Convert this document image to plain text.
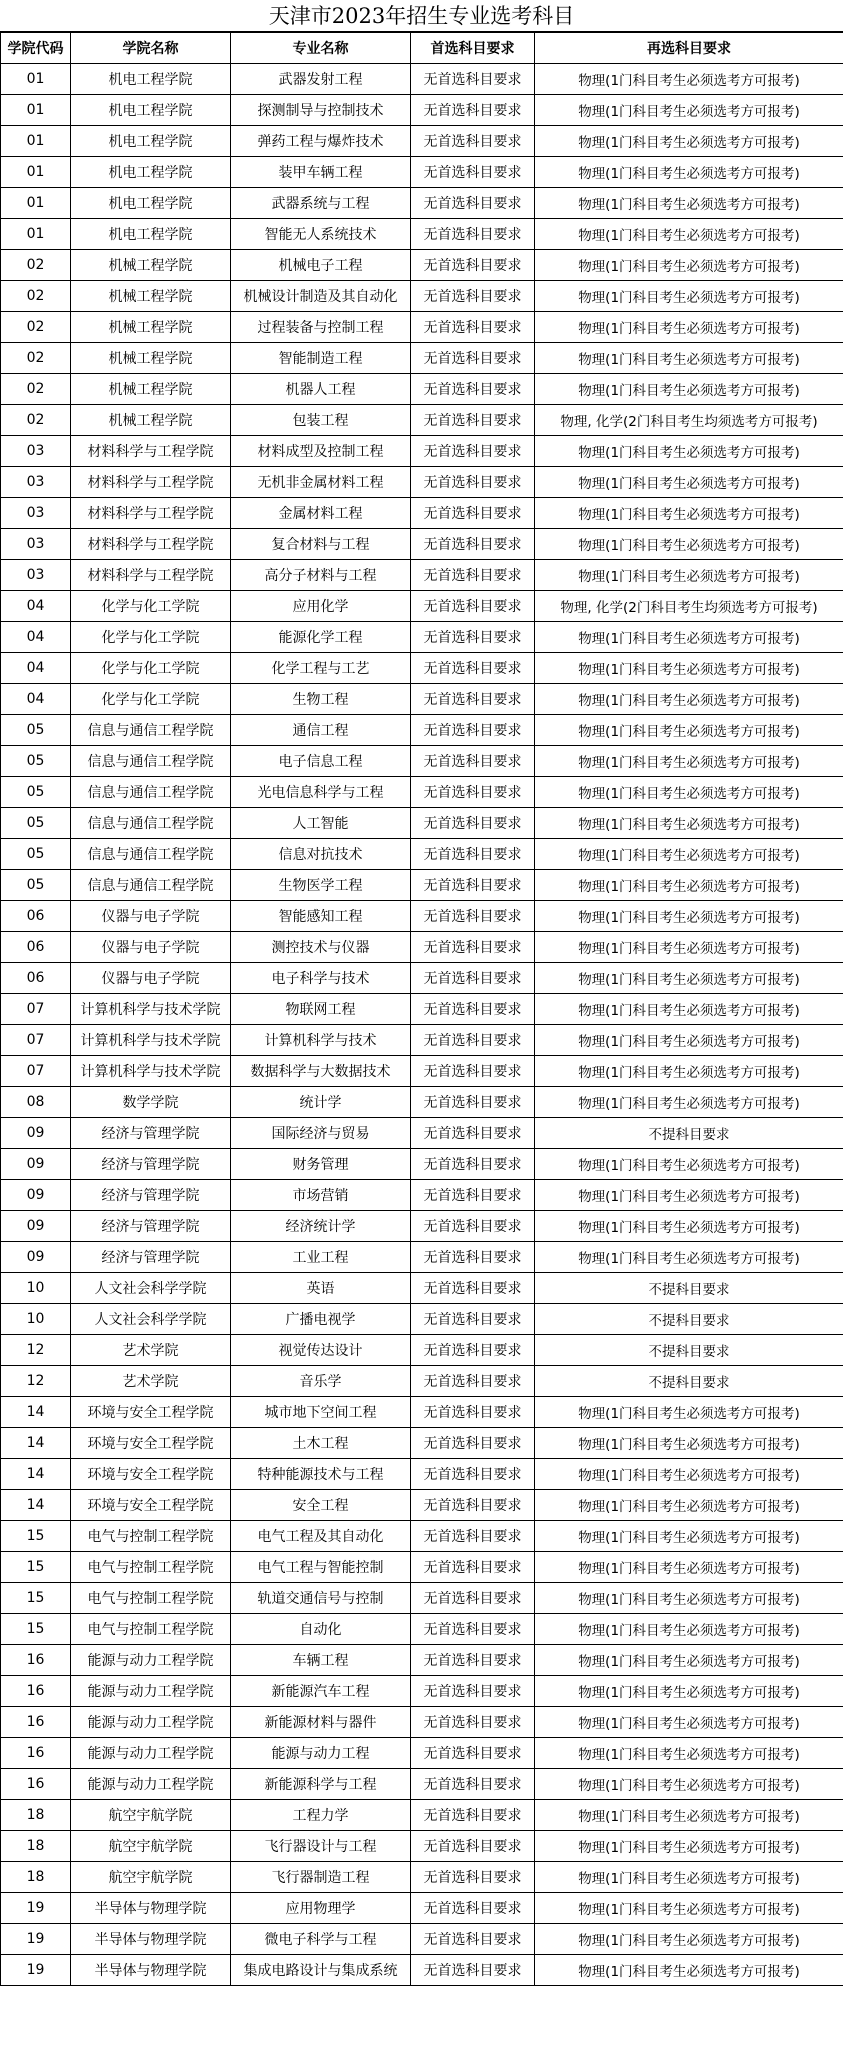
天津市2023年招生专业选考科目
学院代码	学院名称	专业名称	首选科目要求	再选科目要求
01	机电工程学院	武器发射工程	无首选科目要求	物理(1门科目考生必须选考方可报考)
01	机电工程学院	探测制导与控制技术	无首选科目要求	物理(1门科目考生必须选考方可报考)
01	机电工程学院	弹药工程与爆炸技术	无首选科目要求	物理(1门科目考生必须选考方可报考)
01	机电工程学院	装甲车辆工程	无首选科目要求	物理(1门科目考生必须选考方可报考)
01	机电工程学院	武器系统与工程	无首选科目要求	物理(1门科目考生必须选考方可报考)
01	机电工程学院	智能无人系统技术	无首选科目要求	物理(1门科目考生必须选考方可报考)
02	机械工程学院	机械电子工程	无首选科目要求	物理(1门科目考生必须选考方可报考)
02	机械工程学院	机械设计制造及其自动化	无首选科目要求	物理(1门科目考生必须选考方可报考)
02	机械工程学院	过程装备与控制工程	无首选科目要求	物理(1门科目考生必须选考方可报考)
02	机械工程学院	智能制造工程	无首选科目要求	物理(1门科目考生必须选考方可报考)
02	机械工程学院	机器人工程	无首选科目要求	物理(1门科目考生必须选考方可报考)
02	机械工程学院	包装工程	无首选科目要求	物理, 化学(2门科目考生均须选考方可报考)
03	材料科学与工程学院	材料成型及控制工程	无首选科目要求	物理(1门科目考生必须选考方可报考)
03	材料科学与工程学院	无机非金属材料工程	无首选科目要求	物理(1门科目考生必须选考方可报考)
03	材料科学与工程学院	金属材料工程	无首选科目要求	物理(1门科目考生必须选考方可报考)
03	材料科学与工程学院	复合材料与工程	无首选科目要求	物理(1门科目考生必须选考方可报考)
03	材料科学与工程学院	高分子材料与工程	无首选科目要求	物理(1门科目考生必须选考方可报考)
04	化学与化工学院	应用化学	无首选科目要求	物理, 化学(2门科目考生均须选考方可报考)
04	化学与化工学院	能源化学工程	无首选科目要求	物理(1门科目考生必须选考方可报考)
04	化学与化工学院	化学工程与工艺	无首选科目要求	物理(1门科目考生必须选考方可报考)
04	化学与化工学院	生物工程	无首选科目要求	物理(1门科目考生必须选考方可报考)
05	信息与通信工程学院	通信工程	无首选科目要求	物理(1门科目考生必须选考方可报考)
05	信息与通信工程学院	电子信息工程	无首选科目要求	物理(1门科目考生必须选考方可报考)
05	信息与通信工程学院	光电信息科学与工程	无首选科目要求	物理(1门科目考生必须选考方可报考)
05	信息与通信工程学院	人工智能	无首选科目要求	物理(1门科目考生必须选考方可报考)
05	信息与通信工程学院	信息对抗技术	无首选科目要求	物理(1门科目考生必须选考方可报考)
05	信息与通信工程学院	生物医学工程	无首选科目要求	物理(1门科目考生必须选考方可报考)
06	仪器与电子学院	智能感知工程	无首选科目要求	物理(1门科目考生必须选考方可报考)
06	仪器与电子学院	测控技术与仪器	无首选科目要求	物理(1门科目考生必须选考方可报考)
06	仪器与电子学院	电子科学与技术	无首选科目要求	物理(1门科目考生必须选考方可报考)
07	计算机科学与技术学院	物联网工程	无首选科目要求	物理(1门科目考生必须选考方可报考)
07	计算机科学与技术学院	计算机科学与技术	无首选科目要求	物理(1门科目考生必须选考方可报考)
07	计算机科学与技术学院	数据科学与大数据技术	无首选科目要求	物理(1门科目考生必须选考方可报考)
08	数学学院	统计学	无首选科目要求	物理(1门科目考生必须选考方可报考)
09	经济与管理学院	国际经济与贸易	无首选科目要求	不提科目要求
09	经济与管理学院	财务管理	无首选科目要求	物理(1门科目考生必须选考方可报考)
09	经济与管理学院	市场营销	无首选科目要求	物理(1门科目考生必须选考方可报考)
09	经济与管理学院	经济统计学	无首选科目要求	物理(1门科目考生必须选考方可报考)
09	经济与管理学院	工业工程	无首选科目要求	物理(1门科目考生必须选考方可报考)
10	人文社会科学学院	英语	无首选科目要求	不提科目要求
10	人文社会科学学院	广播电视学	无首选科目要求	不提科目要求
12	艺术学院	视觉传达设计	无首选科目要求	不提科目要求
12	艺术学院	音乐学	无首选科目要求	不提科目要求
14	环境与安全工程学院	城市地下空间工程	无首选科目要求	物理(1门科目考生必须选考方可报考)
14	环境与安全工程学院	土木工程	无首选科目要求	物理(1门科目考生必须选考方可报考)
14	环境与安全工程学院	特种能源技术与工程	无首选科目要求	物理(1门科目考生必须选考方可报考)
14	环境与安全工程学院	安全工程	无首选科目要求	物理(1门科目考生必须选考方可报考)
15	电气与控制工程学院	电气工程及其自动化	无首选科目要求	物理(1门科目考生必须选考方可报考)
15	电气与控制工程学院	电气工程与智能控制	无首选科目要求	物理(1门科目考生必须选考方可报考)
15	电气与控制工程学院	轨道交通信号与控制	无首选科目要求	物理(1门科目考生必须选考方可报考)
15	电气与控制工程学院	自动化	无首选科目要求	物理(1门科目考生必须选考方可报考)
16	能源与动力工程学院	车辆工程	无首选科目要求	物理(1门科目考生必须选考方可报考)
16	能源与动力工程学院	新能源汽车工程	无首选科目要求	物理(1门科目考生必须选考方可报考)
16	能源与动力工程学院	新能源材料与器件	无首选科目要求	物理(1门科目考生必须选考方可报考)
16	能源与动力工程学院	能源与动力工程	无首选科目要求	物理(1门科目考生必须选考方可报考)
16	能源与动力工程学院	新能源科学与工程	无首选科目要求	物理(1门科目考生必须选考方可报考)
18	航空宇航学院	工程力学	无首选科目要求	物理(1门科目考生必须选考方可报考)
18	航空宇航学院	飞行器设计与工程	无首选科目要求	物理(1门科目考生必须选考方可报考)
18	航空宇航学院	飞行器制造工程	无首选科目要求	物理(1门科目考生必须选考方可报考)
19	半导体与物理学院	应用物理学	无首选科目要求	物理(1门科目考生必须选考方可报考)
19	半导体与物理学院	微电子科学与工程	无首选科目要求	物理(1门科目考生必须选考方可报考)
19	半导体与物理学院	集成电路设计与集成系统	无首选科目要求	物理(1门科目考生必须选考方可报考)
